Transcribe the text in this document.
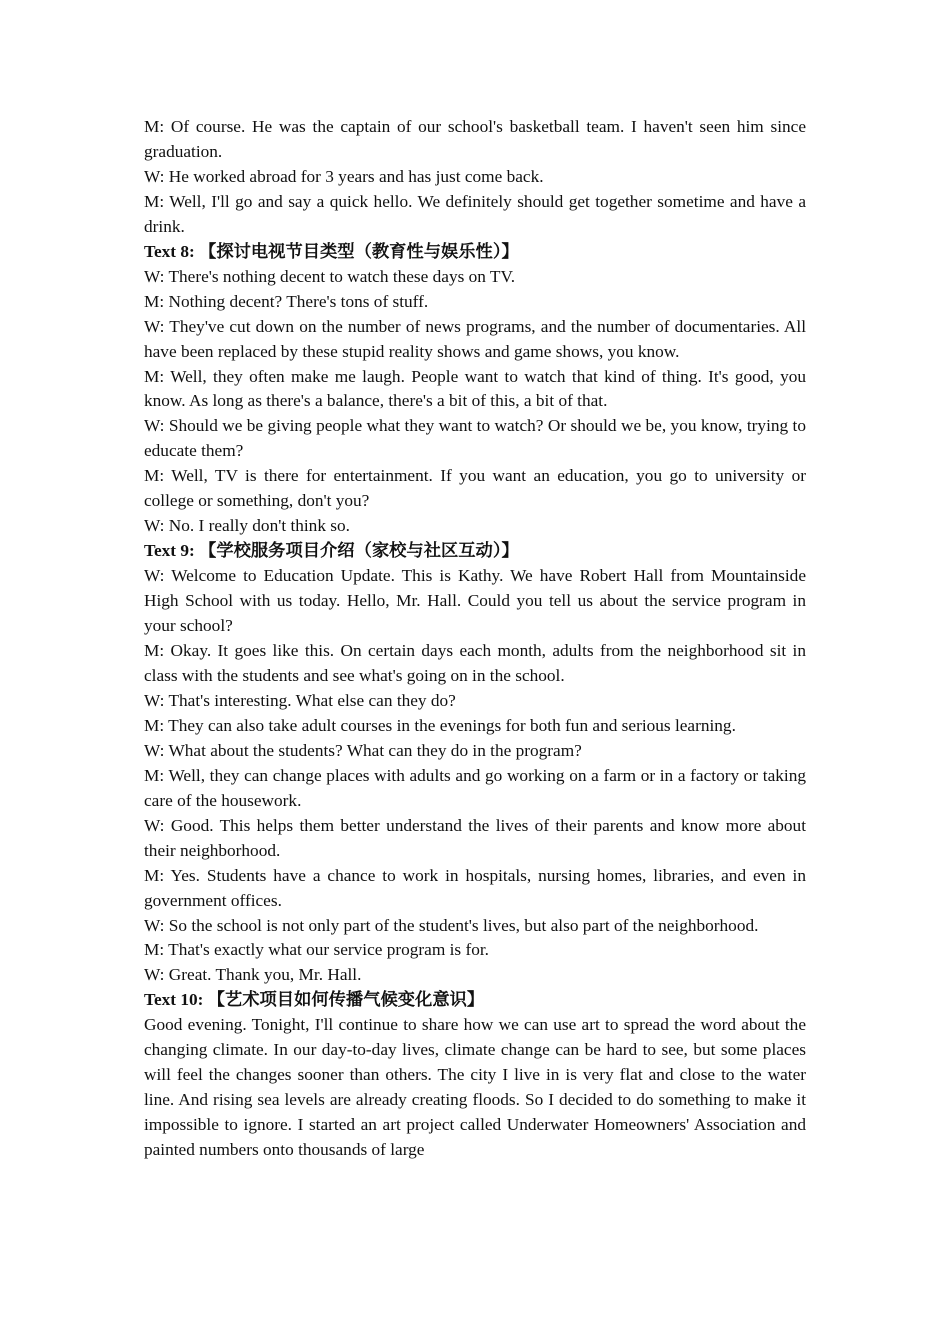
M: Of course. He was the captain of our school's basketball team. I haven't seen him since graduation.

W: He worked abroad for 3 years and has just come back.

M: Well, I'll go and say a quick hello. We definitely should get together sometime and have a drink.

Text 8: 【探讨电视节目类型（教育性与娱乐性）】

W: There's nothing decent to watch these days on TV.

M: Nothing decent? There's tons of stuff.

W: They've cut down on the number of news programs, and the number of documentaries. All have been replaced by these stupid reality shows and game shows, you know.

M: Well, they often make me laugh. People want to watch that kind of thing. It's good, you know. As long as there's a balance, there's a bit of this, a bit of that.

W: Should we be giving people what they want to watch? Or should we be, you know, trying to educate them?

M: Well, TV is there for entertainment. If you want an education, you go to university or college or something, don't you?

W: No. I really don't think so.

Text 9: 【学校服务项目介绍（家校与社区互动）】

W: Welcome to Education Update. This is Kathy. We have Robert Hall from Mountainside High School with us today. Hello, Mr. Hall. Could you tell us about the service program in your school?

M: Okay. It goes like this. On certain days each month, adults from the neighborhood sit in class with the students and see what's going on in the school.

W: That's interesting. What else can they do?

M: They can also take adult courses in the evenings for both fun and serious learning.

W: What about the students? What can they do in the program?

M: Well, they can change places with adults and go working on a farm or in a factory or taking care of the housework.

W: Good. This helps them better understand the lives of their parents and know more about their neighborhood.

M: Yes. Students have a chance to work in hospitals, nursing homes, libraries, and even in government offices.

W: So the school is not only part of the student's lives, but also part of the neighborhood.

M: That's exactly what our service program is for.

W: Great. Thank you, Mr. Hall.

Text 10: 【艺术项目如何传播气候变化意识】

Good evening. Tonight, I'll continue to share how we can use art to spread the word about the changing climate. In our day-to-day lives, climate change can be hard to see, but some places will feel the changes sooner than others. The city I live in is very flat and close to the water line. And rising sea levels are already creating floods. So I decided to do something to make it impossible to ignore. I started an art project called Underwater Homeowners' Association and painted numbers onto thousands of large
